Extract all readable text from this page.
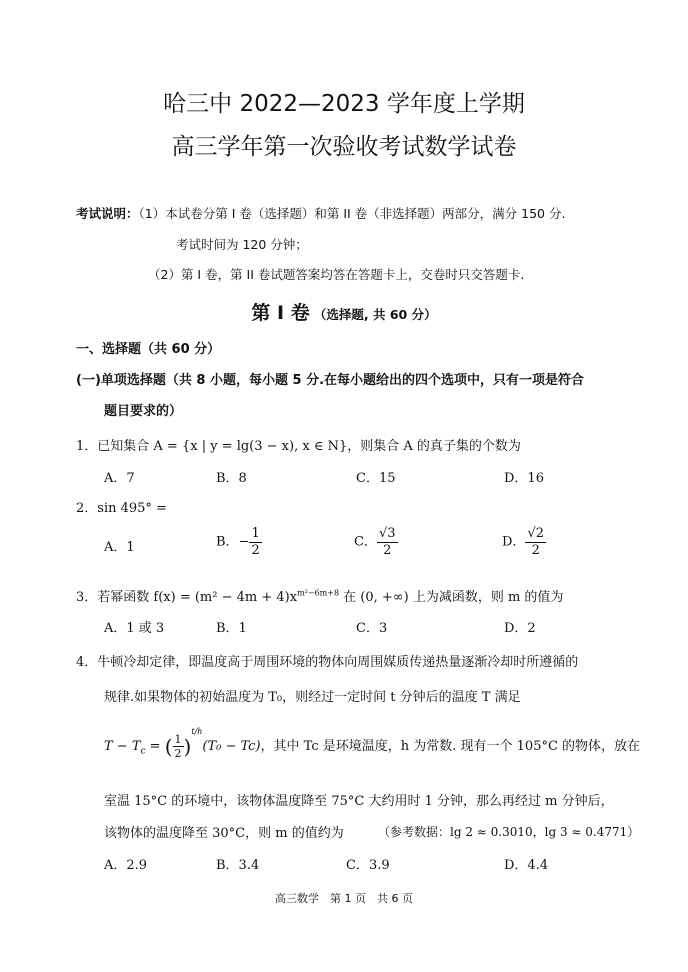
哈三中 2022—2023 学年度上学期
高三学年第一次验收考试数学试卷
考试说明：（1）本试卷分第 I 卷（选择题）和第 II 卷（非选择题）两部分，满分 150 分.
考试时间为 120 分钟；
（2）第 I 卷，第 II 卷试题答案均答在答题卡上，交卷时只交答题卡.
第 I 卷 （选择题, 共 60 分）
一、选择题（共 60 分）
(一)单项选择题（共 8 小题，每小题 5 分.在每小题给出的四个选项中，只有一项是符合
题目要求的）
1．已知集合 A = {x | y = lg(3 − x), x ∈ N}，则集合 A 的真子集的个数为
A．7	B．8	C．15	D．16
2．sin 495° =
A．1	B．− $\frac{1}{2}$	C． $\frac{√3}{2}$	D． $\frac{√2}{2}$
3．若幂函数 $f(x) = (m^2 - 4m + 4)x^{m^2-6m+8}$ 在 (0, +∞) 上为减函数，则 m 的值为
A．1 或 3	B．1	C．3	D．2
4．牛顿冷却定律，即温度高于周围环境的物体向周围媒质传递热量逐渐冷却时所遵循的
规律.如果物体的初始温度为 T₀，则经过一定时间 t 分钟后的温度 T 满足
$T - T_c$ = ( $\frac{1}{2} )^{t/h}(T_0 - Tc)$，其中 Tc 是环境温度，h 为常数. 现有一个 105°C 的物体，放在
室温 15°C 的环境中，该物体温度降至 75°C 大约用时 1 分钟，那么再经过 m 分钟后，
该物体的温度降至 30°C，则 m 的值约为	（参考数据：lg 2 ≈ 0.3010，lg 3 ≈ 0.4771）
A．2.9	B．3.4	C．3.9	D．4.4
高三数学　第 1 页　共 6 页
